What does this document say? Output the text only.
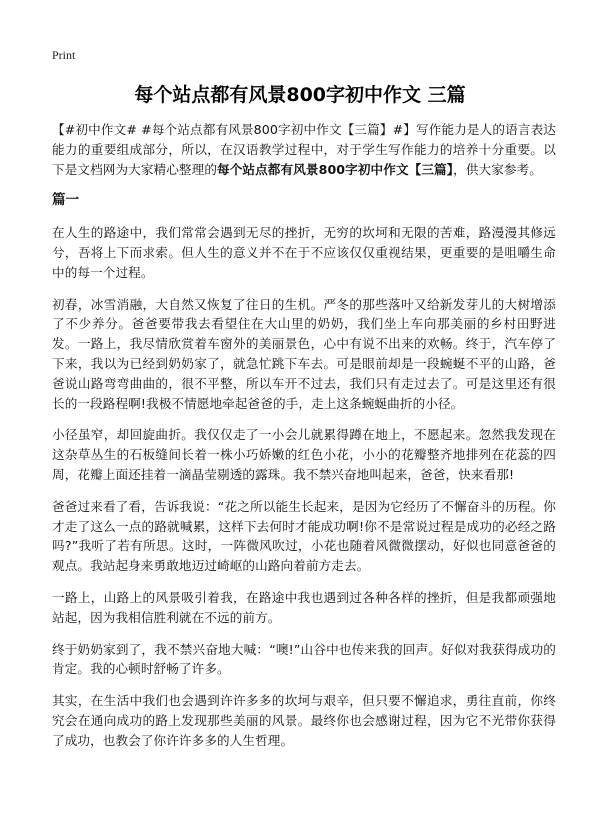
Print
每个站点都有风景800字初中作文 三篇

【#初中作文# #每个站点都有风景800字初中作文【三篇】#】写作能力是人的语言表达能力的重要组成部分，所以，在汉语教学过程中，对于学生写作能力的培养十分重要。以下是文档网为大家精心整理的每个站点都有风景800字初中作文【三篇】，供大家参考。

篇一

在人生的路途中，我们常常会遇到无尽的挫折，无穷的坎坷和无限的苦难，路漫漫其修远兮，吾将上下而求索。但人生的意义并不在于不应该仅仅重视结果，更重要的是咀嚼生命中的每一个过程。

初春，冰雪消融，大自然又恢复了往日的生机。严冬的那些落叶又给新发芽儿的大树增添了不少养分。爸爸要带我去看望住在大山里的奶奶，我们坐上车向那美丽的乡村田野进发。一路上，我尽情欣赏着车窗外的美丽景色，心中有说不出来的欢畅。终于，汽车停了下来，我以为已经到奶奶家了，就急忙跳下车去。可是眼前却是一段蜿蜒不平的山路，爸爸说山路弯弯曲曲的，很不平整，所以车开不过去，我们只有走过去了。可是这里还有很长的一段路程啊!我极不情愿地牵起爸爸的手，走上这条蜿蜒曲折的小径。

小径虽窄，却回旋曲折。我仅仅走了一小会儿就累得蹲在地上，不愿起来。忽然我发现在这杂草丛生的石板缝间长着一株小巧娇嫩的红色小花，小小的花瓣整齐地排列在花蕊的四周，花瓣上面还挂着一滴晶莹剔透的露珠。我不禁兴奋地叫起来，爸爸，快来看那!

爸爸过来看了看，告诉我说：“花之所以能生长起来，是因为它经历了不懈奋斗的历程。你才走了这么一点的路就喊累，这样下去何时才能成功啊!你不是常说过程是成功的必经之路吗?”我听了若有所思。这时，一阵微风吹过，小花也随着风微微摆动，好似也同意爸爸的观点。我站起身来勇敢地迈过崎岖的山路向着前方走去。

一路上，山路上的风景吸引着我，在路途中我也遇到过各种各样的挫折，但是我都顽强地站起，因为我相信胜利就在不远的前方。

终于奶奶家到了，我不禁兴奋地大喊：“噢!”山谷中也传来我的回声。好似对我获得成功的肯定。我的心顿时舒畅了许多。

其实，在生活中我们也会遇到许许多多的坎坷与艰辛，但只要不懈追求，勇往直前，你终究会在通向成功的路上发现那些美丽的风景。最终你也会感谢过程，因为它不光带你获得了成功，也教会了你许许多多的人生哲理。
